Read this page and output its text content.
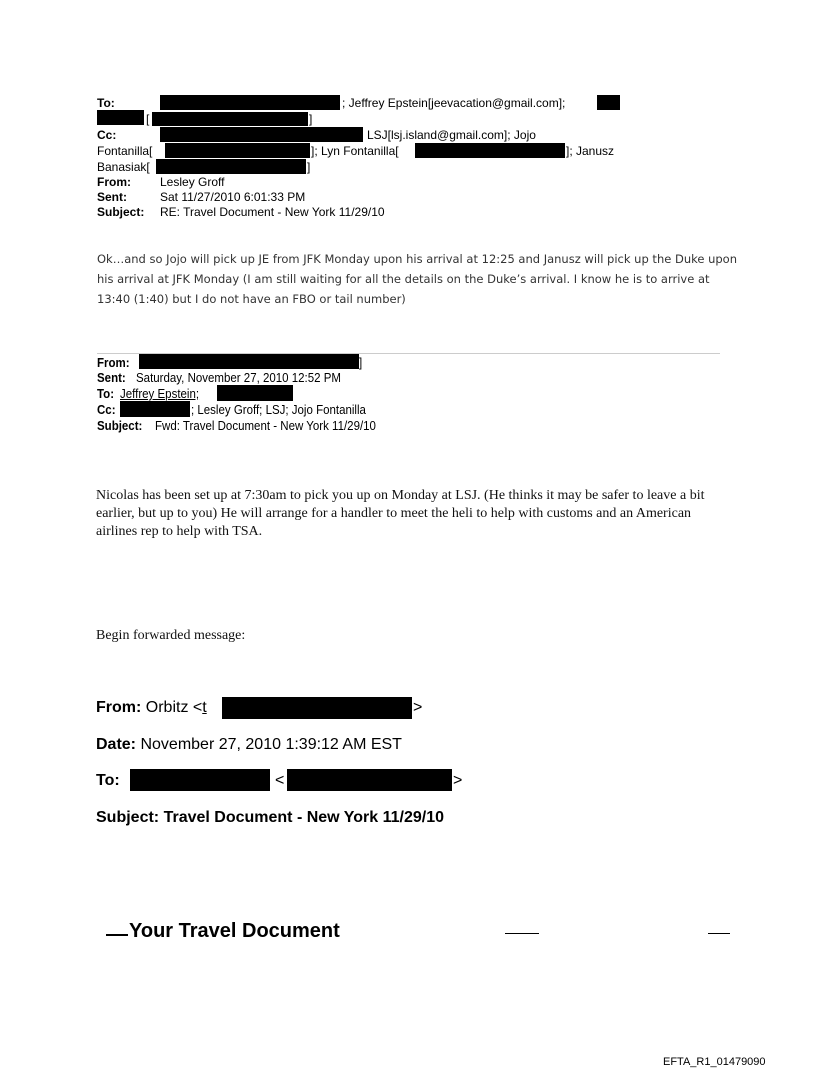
To:	; Jeffrey Epstein[jeevacation@gmail.com];
[	]
Cc:	LSJ[lsj.island@gmail.com]; Jojo
Fontanilla[	]; Lyn Fontanilla[	]; Janusz
Banasiak[	]
From: Lesley Groff
Sent:	Sat 11/27/2010 6:01:33 PM
Subject: RE: Travel Document - New York 11/29/10
Ok…and so Jojo will pick up JE from JFK Monday upon his arrival at 12:25 and Janusz will pick up the Duke upon his arrival at JFK Monday (I am still waiting for all the details on the Duke’s arrival. I know he is to arrive at 13:40 (1:40) but I do not have an FBO or tail number)
From:	]
Sent: Saturday, November 27, 2010 12:52 PM
To: Jeffrey Epstein;
Cc:	; Lesley Groff; LSJ; Jojo Fontanilla
Subject: Fwd: Travel Document - New York 11/29/10
Nicolas has been set up at 7:30am to pick you up on Monday at LSJ. (He thinks it may be safer to leave a bit earlier, but up to you) He will arrange for a handler to meet the heli to help with customs and an American airlines rep to help with TSA.
Begin forwarded message:
From: Orbitz <t	>
Date: November 27, 2010 1:39:12 AM EST
To:	<	>
Subject: Travel Document - New York 11/29/10
Your Travel Document
EFTA_R1_01479090
